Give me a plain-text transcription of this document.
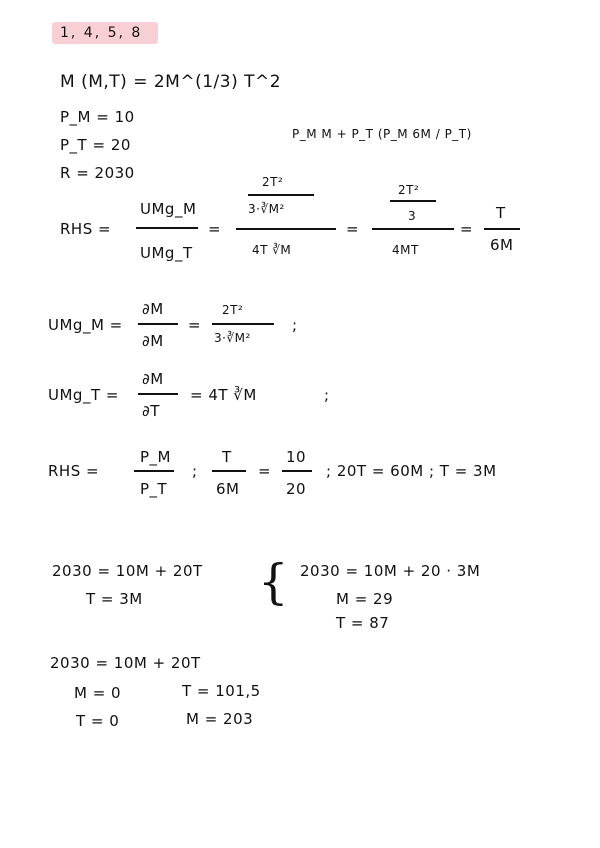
1, 4, 5, 8
M (M,T) = 2M^(1/3) T^2
P_M = 10
P_T = 20
R = 2030
P_M M + P_T (P_M 6M / P_T)
RHS =
UMg_M
UMg_T
=
2T²
3·∛M²
4T ∛M
=
2T²
3
4MT
=
T
6M
UMg_M =
∂M
∂M
=
2T²
3·∛M²
;
UMg_T =
∂M
∂T
= 4T ∛M	;
RHS =
P_M
P_T
;
T
6M
=
10
20
; 20T = 60M ; T = 3M
2030 = 10M + 20T
T = 3M { 2030 = 10M + 20 · 3M
M = 29
T = 87
2030 = 10M + 20T
M = 0	T = 101,5
T = 0	M = 203
